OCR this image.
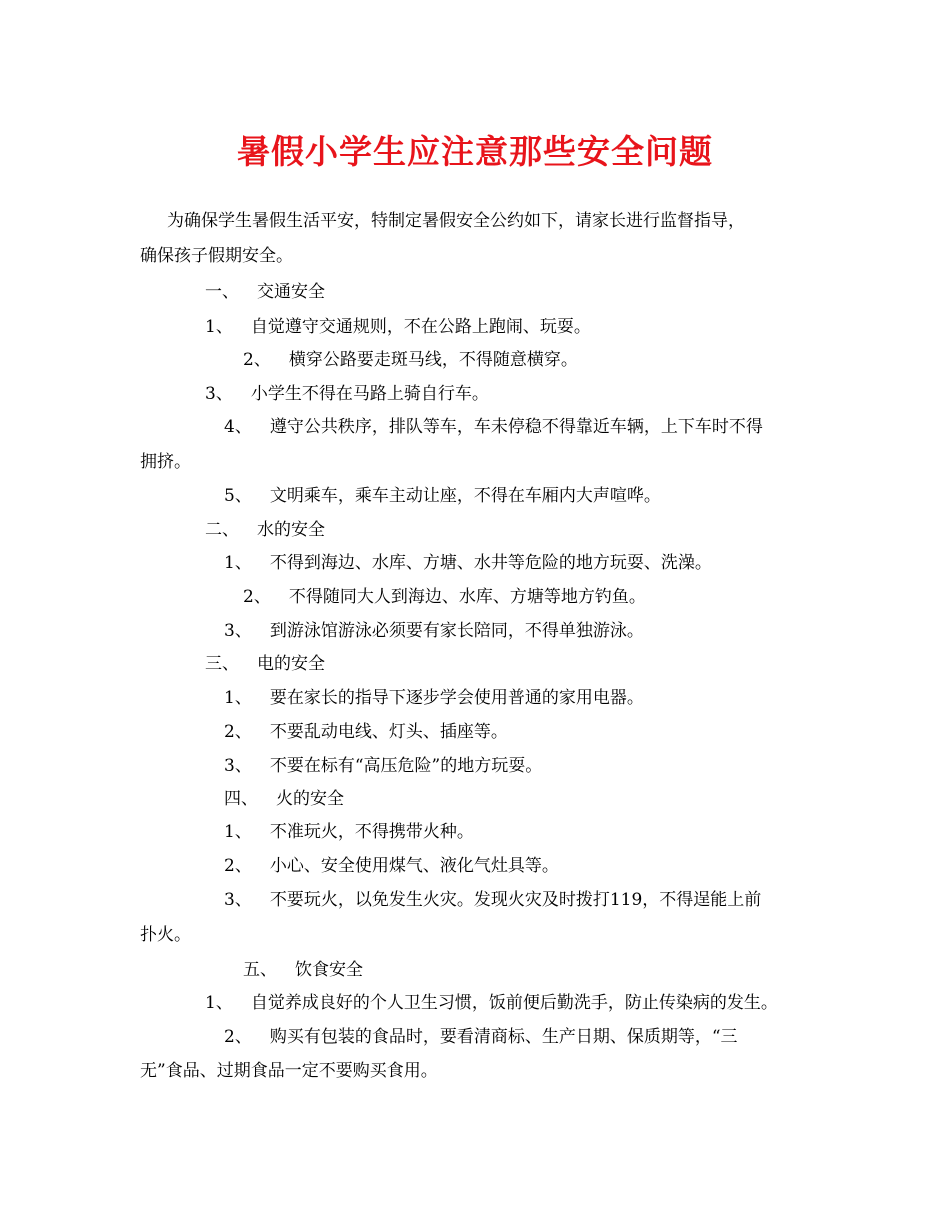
暑假小学生应注意那些安全问题

为确保学生暑假生活平安，特制定暑假安全公约如下，请家长进行监督指导，

确保孩子假期安全。

一、 交通安全

1、 自觉遵守交通规则，不在公路上跑闹、玩耍。

2、 横穿公路要走斑马线，不得随意横穿。

3、 小学生不得在马路上骑自行车。

4、 遵守公共秩序，排队等车，车未停稳不得靠近车辆，上下车时不得

拥挤。

5、 文明乘车，乘车主动让座，不得在车厢内大声喧哗。

二、 水的安全

1、 不得到海边、水库、方塘、水井等危险的地方玩耍、洗澡。

2、 不得随同大人到海边、水库、方塘等地方钓鱼。

3、 到游泳馆游泳必须要有家长陪同，不得单独游泳。

三、 电的安全

1、 要在家长的指导下逐步学会使用普通的家用电器。

2、 不要乱动电线、灯头、插座等。

3、 不要在标有“高压危险”的地方玩耍。

四、 火的安全

1、 不准玩火，不得携带火种。

2、 小心、安全使用煤气、液化气灶具等。

3、 不要玩火，以免发生火灾。发现火灾及时拨打119，不得逞能上前

扑火。

五、 饮食安全

1、 自觉养成良好的个人卫生习惯，饭前便后勤洗手，防止传染病的发生。

2、 购买有包装的食品时，要看清商标、生产日期、保质期等，“三

无”食品、过期食品一定不要购买食用。
